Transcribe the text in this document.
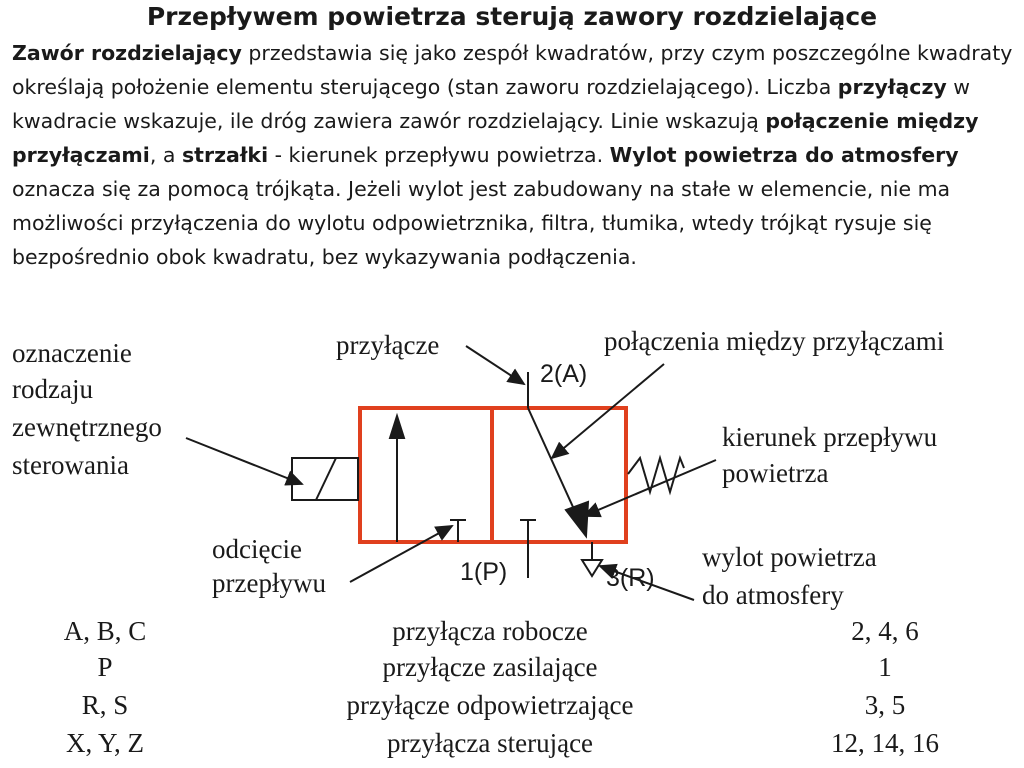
Przepływem powietrza sterują zawory rozdzielające

Zawór rozdzielający przedstawia się jako zespół kwadratów, przy czym poszczególne kwadraty określają położenie elementu sterującego (stan zaworu rozdzielającego). Liczba przyłączy w kwadracie wskazuje, ile dróg zawiera zawór rozdzielający. Linie wskazują połączenie między przyłączami, a strzałki - kierunek przepływu powietrza. Wylot powietrza do atmosfery oznacza się za pomocą trójkąta. Jeżeli wylot jest zabudowany na stałe w elemencie, nie ma możliwości przyłączenia do wylotu odpowietrznika, filtra, tłumika, wtedy trójkąt rysuje się bezpośrednio obok kwadratu, bez wykazywania podłączenia.

oznaczenie
rodzaju
zewnętrznego
sterowania
przyłącze	połączenia między przyłączami
kierunek przepływu
powietrza
odcięcie
przepływu
wylot powietrza
do atmosfery
2(A)
1(P)	3(R)
A, B, C	przyłącza robocze	2, 4, 6
P	przyłącze zasilające	1
R, S	przyłącze odpowietrzające	3, 5
X, Y, Z	przyłącza sterujące	12, 14, 16
